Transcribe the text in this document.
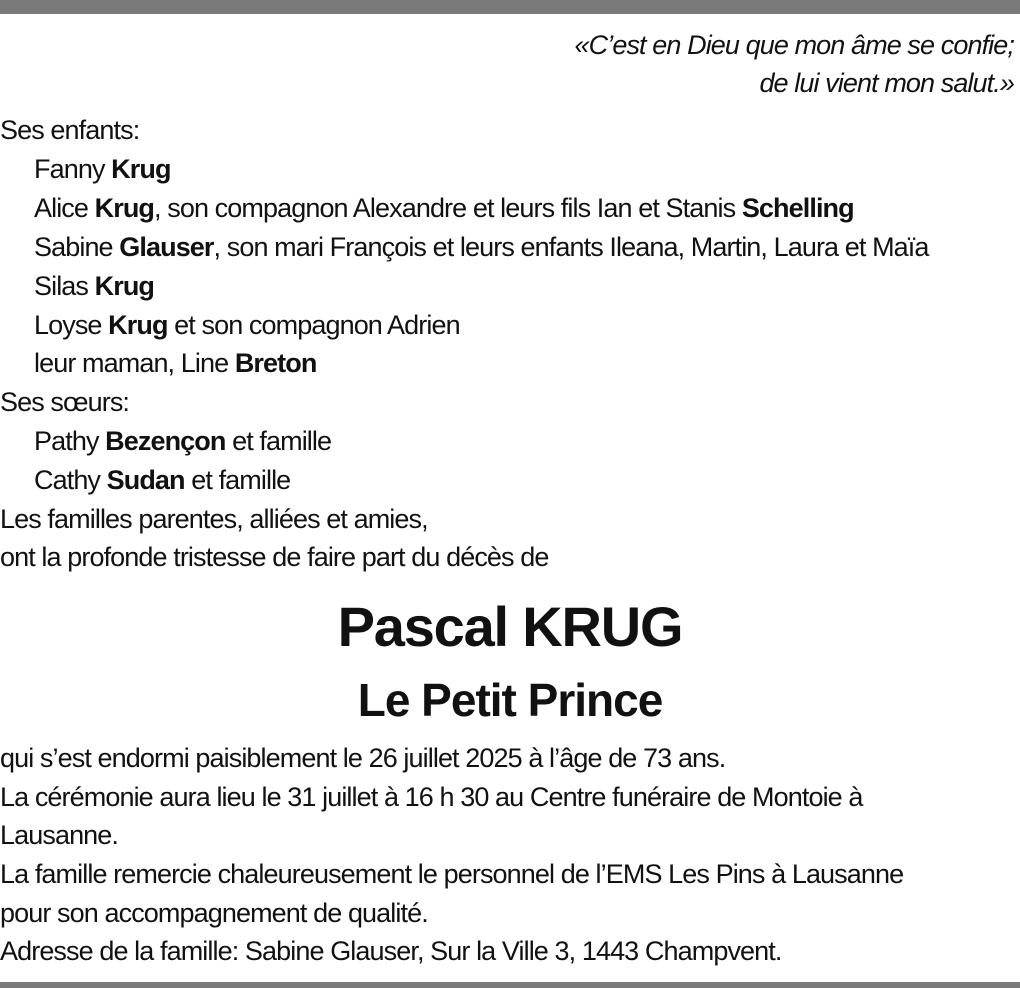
«C’est en Dieu que mon âme se confie;
de lui vient mon salut.»
Ses enfants:
Fanny Krug
Alice Krug, son compagnon Alexandre et leurs fils Ian et Stanis Schelling
Sabine Glauser, son mari François et leurs enfants Ileana, Martin, Laura et Maïa
Silas Krug
Loyse Krug et son compagnon Adrien
leur maman, Line Breton
Ses sœurs:
Pathy Bezençon et famille
Cathy Sudan et famille
Les familles parentes, alliées et amies,
ont la profonde tristesse de faire part du décès de
Pascal KRUG
Le Petit Prince
qui s’est endormi paisiblement le 26 juillet 2025 à l’âge de 73 ans.
La cérémonie aura lieu le 31 juillet à 16 h 30 au Centre funéraire de Montoie à
Lausanne.
La famille remercie chaleureusement le personnel de l’EMS Les Pins à Lausanne
pour son accompagnement de qualité.
Adresse de la famille: Sabine Glauser, Sur la Ville 3, 1443 Champvent.
